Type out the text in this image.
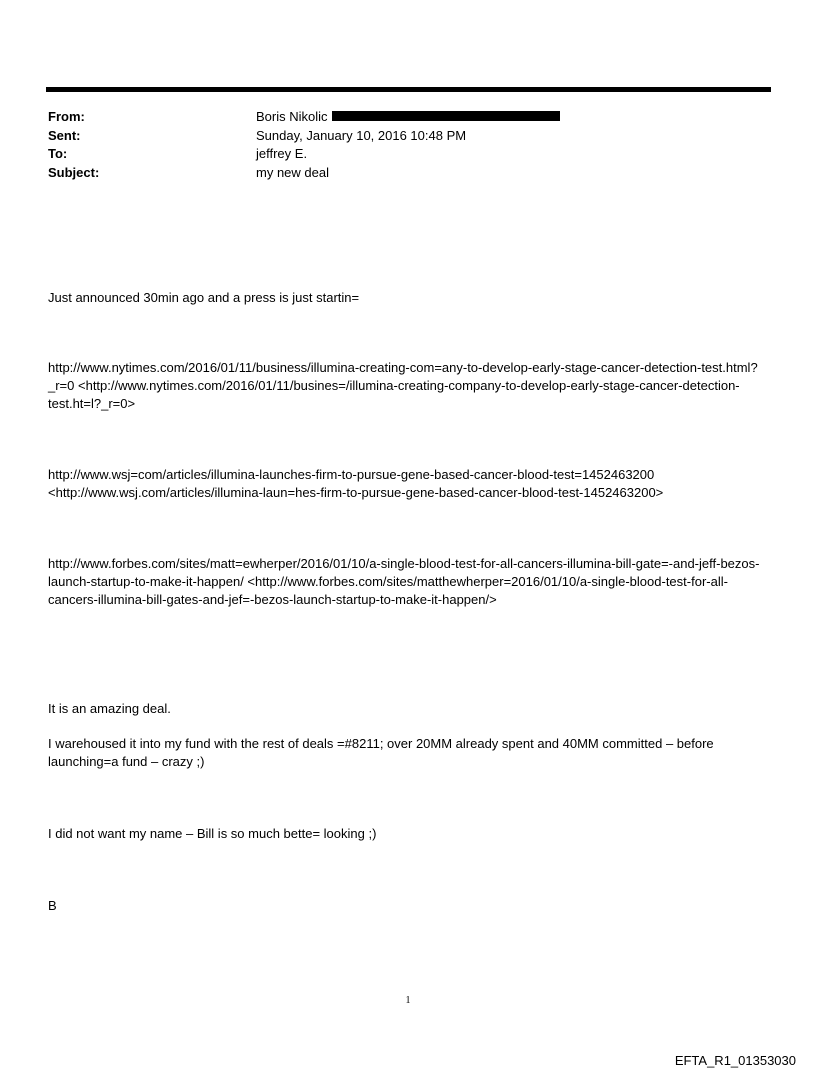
From:	Boris Nikolic
Sent:	Sunday, January 10, 2016 10:48 PM
To:	jeffrey E.
Subject:	my new deal

Just announced 30min ago and a press is just startin=

http://www.nytimes.com/2016/01/11/business/illumina-creating-com=any-to-develop-early-stage-cancer-detection-test.html?_r=0 <http://www.nytimes.com/2016/01/11/busines=/illumina-creating-company-to-develop-early-stage-cancer-detection-test.ht=l?_r=0>

http://www.wsj=com/articles/illumina-launches-firm-to-pursue-gene-based-cancer-blood-test=1452463200 <http://www.wsj.com/articles/illumina-laun=hes-firm-to-pursue-gene-based-cancer-blood-test-1452463200>

http://www.forbes.com/sites/matt=ewherper/2016/01/10/a-single-blood-test-for-all-cancers-illumina-bill-gate=-and-jeff-bezos-launch-startup-to-make-it-happen/ <http://www.forbes.com/sites/matthewherper=2016/01/10/a-single-blood-test-for-all-cancers-illumina-bill-gates-and-jef=-bezos-launch-startup-to-make-it-happen/>

It is an amazing deal.

I warehoused it into my fund with the rest of deals =#8211; over 20MM already spent and 40MM committed – before launching=a fund – crazy ;)

I did not want my name – Bill is so much bette= looking ;)

B

1
EFTA_R1_01353030
